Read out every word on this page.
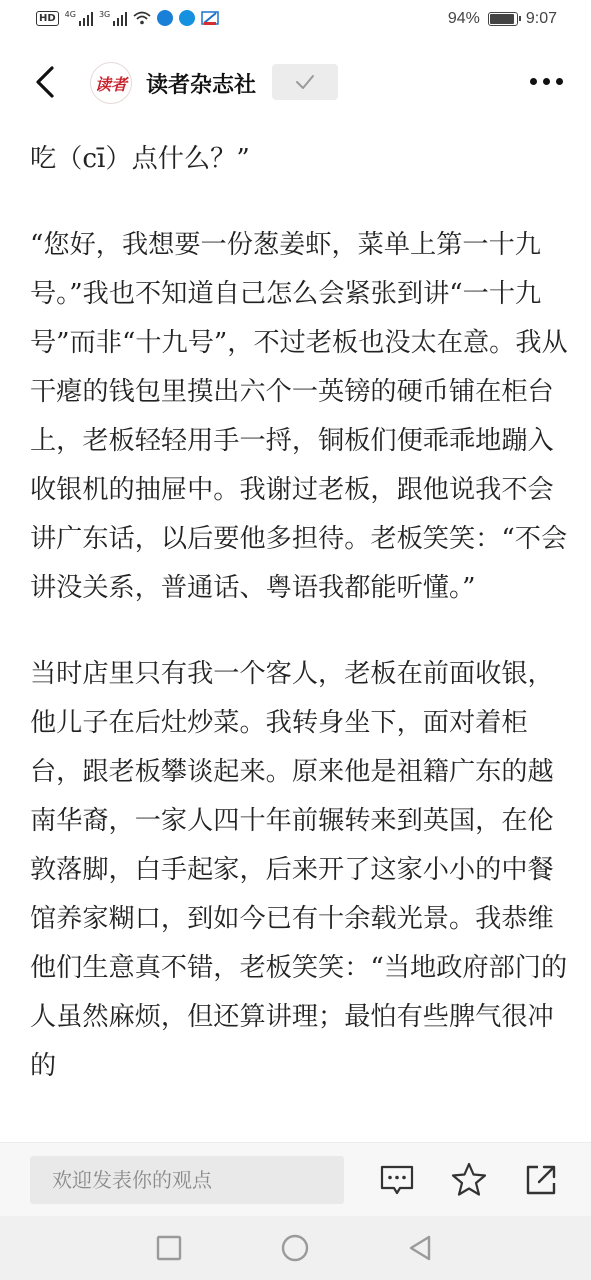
HD	4G	3G	94%	9:07
读者 读者杂志社

吃（cī）点什么？”

“您好，我想要一份葱姜虾，菜单上第一十九号。”我也不知道自己怎么会紧张到讲“一十九号”而非“十九号”，不过老板也没太在意。我从干瘪的钱包里摸出六个一英镑的硬币铺在柜台上，老板轻轻用手一捋，铜板们便乖乖地蹦入收银机的抽屉中。我谢过老板，跟他说我不会讲广东话，以后要他多担待。老板笑笑：“不会讲没关系，普通话、粤语我都能听懂。”

当时店里只有我一个客人，老板在前面收银，他儿子在后灶炒菜。我转身坐下，面对着柜台，跟老板攀谈起来。原来他是祖籍广东的越南华裔，一家人四十年前辗转来到英国，在伦敦落脚，白手起家，后来开了这家小小的中餐馆养家糊口，到如今已有十余载光景。我恭维他们生意真不错，老板笑笑：“当地政府部门的人虽然麻烦，但还算讲理；最怕有些脾气很冲的

欢迎发表你的观点
